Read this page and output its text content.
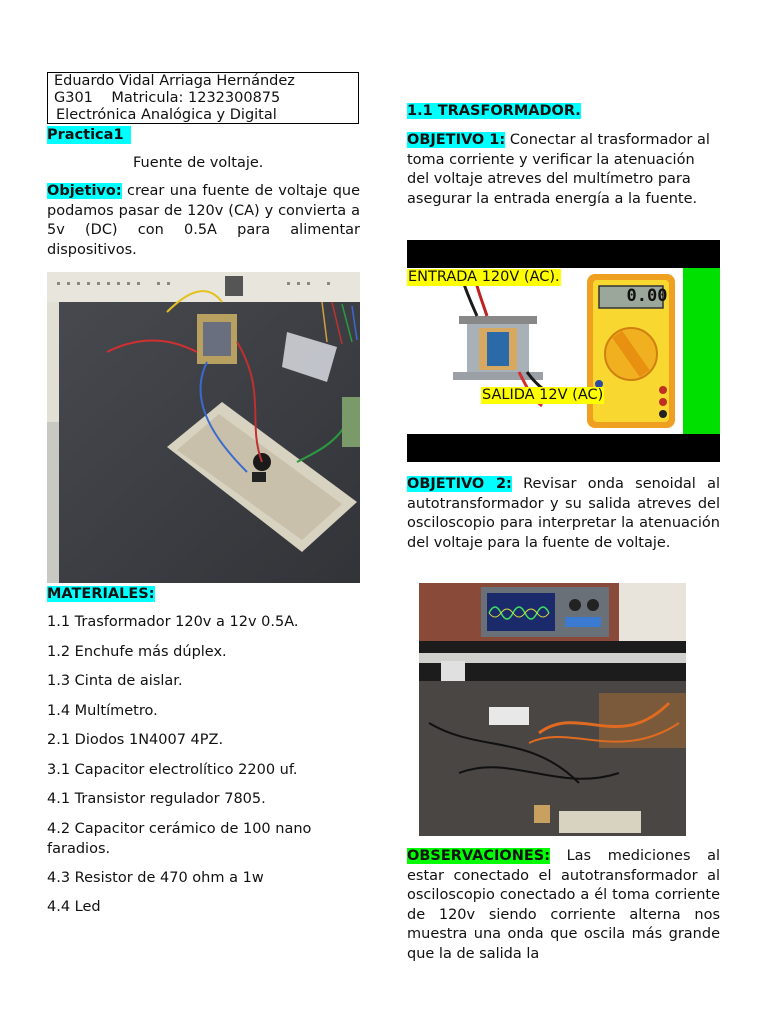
Eduardo Vidal Arriaga Hernández
G301 Matricula: 1232300875
Electrónica Analógica y Digital
Practica1
Fuente de voltaje.
Objetivo: crear una fuente de voltaje que podamos pasar de 120v (CA) y convierta a 5v (DC) con 0.5A para alimentar dispositivos.
MATERIALES:
1.1 Trasformador 120v a 12v 0.5A.
1.2 Enchufe más dúplex.
1.3 Cinta de aislar.
1.4 Multímetro.
2.1 Diodos 1N4007 4PZ.
3.1 Capacitor electrolítico 2200 uf.
4.1 Transistor regulador 7805.
4.2 Capacitor cerámico de 100 nano faradios.
4.3 Resistor de 470 ohm a 1w
4.4 Led
1.1 TRASFORMADOR.
OBJETIVO 1: Conectar al trasformador al toma corriente y verificar la atenuación del voltaje atreves del multímetro para asegurar la entrada energía a la fuente.
0.00
ENTRADA 120V (AC).
SALIDA 12V (AC)
OBJETIVO 2: Revisar onda senoidal al autotransformador y su salida atreves del osciloscopio para interpretar la atenuación del voltaje para la fuente de voltaje.
OBSERVACIONES: Las mediciones al estar conectado el autotransformador al osciloscopio conectado a él toma corriente de 120v siendo corriente alterna nos muestra una onda que oscila más grande que la de salida la
